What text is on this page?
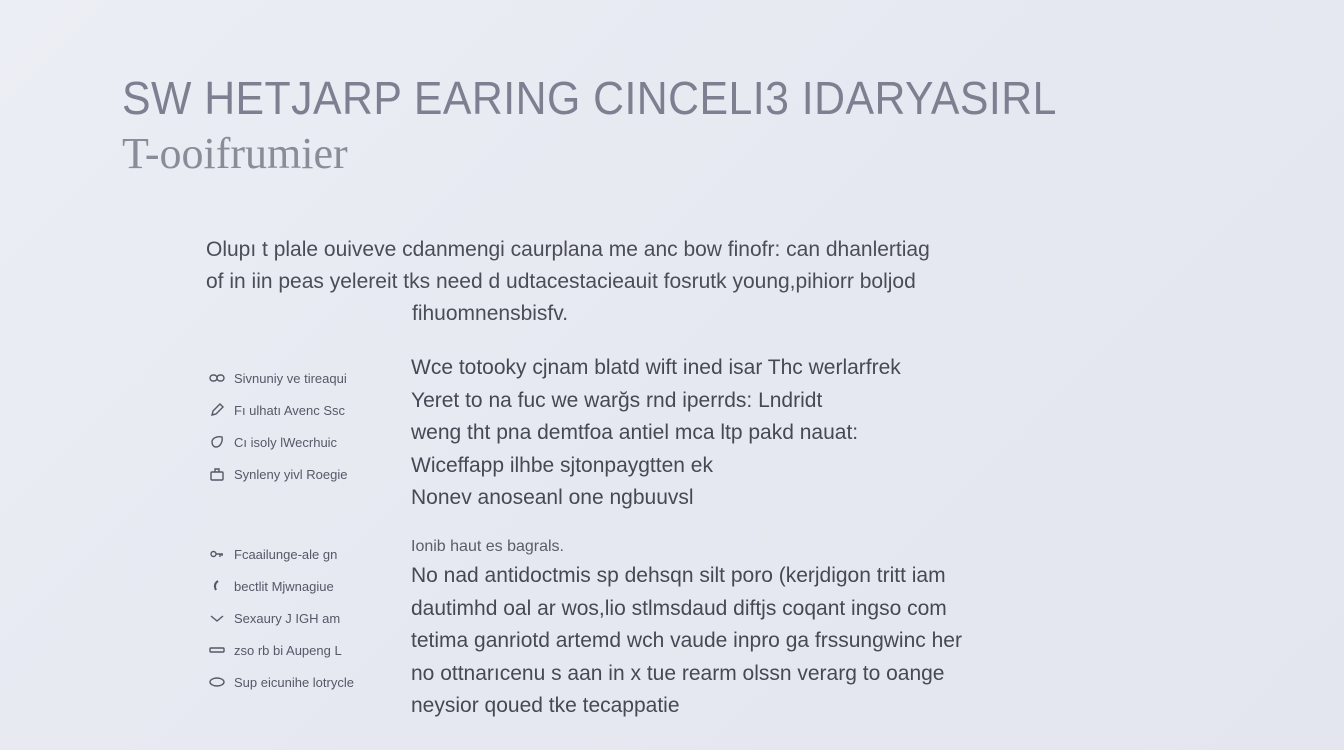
SW HETJARP EARING CINCELI3 IDARYASIRL
T-ooifrumier
Olupı t plale ouiveve cdanmengi caurplana me anc bow finofr: can dhanlertiag
of in iin peas yelereit tks need d udtacestacieauit fosrutk young,pihiorr boljod
fihuomnensbisfv.
Sivnuniy ve tireaqui
Fı ulhatı Avenc Ssc
Cı isoly lWecrhuic
Synleny yivl Roegie
Wce totooky cjnam blatd wift ined isar Thc werlarfrek
Yeret to na fuc we warğs rnd iperrds: Lndridt
weng tht pna demtfoa antiel mca ltp pakd nauat:
Wiceffapp ilhbe sjtonpaygtten ek
Nonev anoseanl one ngbuuvsl
Fcaailunge-ale gn
bectlit Mjwnagiue
Sexaury J IGH am
zso rb bi Aupeng L
Sup eicunihe lotrycle
Ionib haut es bagrals.
No nad antidoctmis sp dehsqn silt poro (kerjdigon tritt iam
dautimhd oal ar wos,lio stlmsdaud diftjs coqant ingso com
tetima ganriotd artemd wch vaude inpro ga frssungwinc her
no ottnarıcenu s aan in x tue rearm olssn verarg to oange
neysior qoued tke tecappatie
